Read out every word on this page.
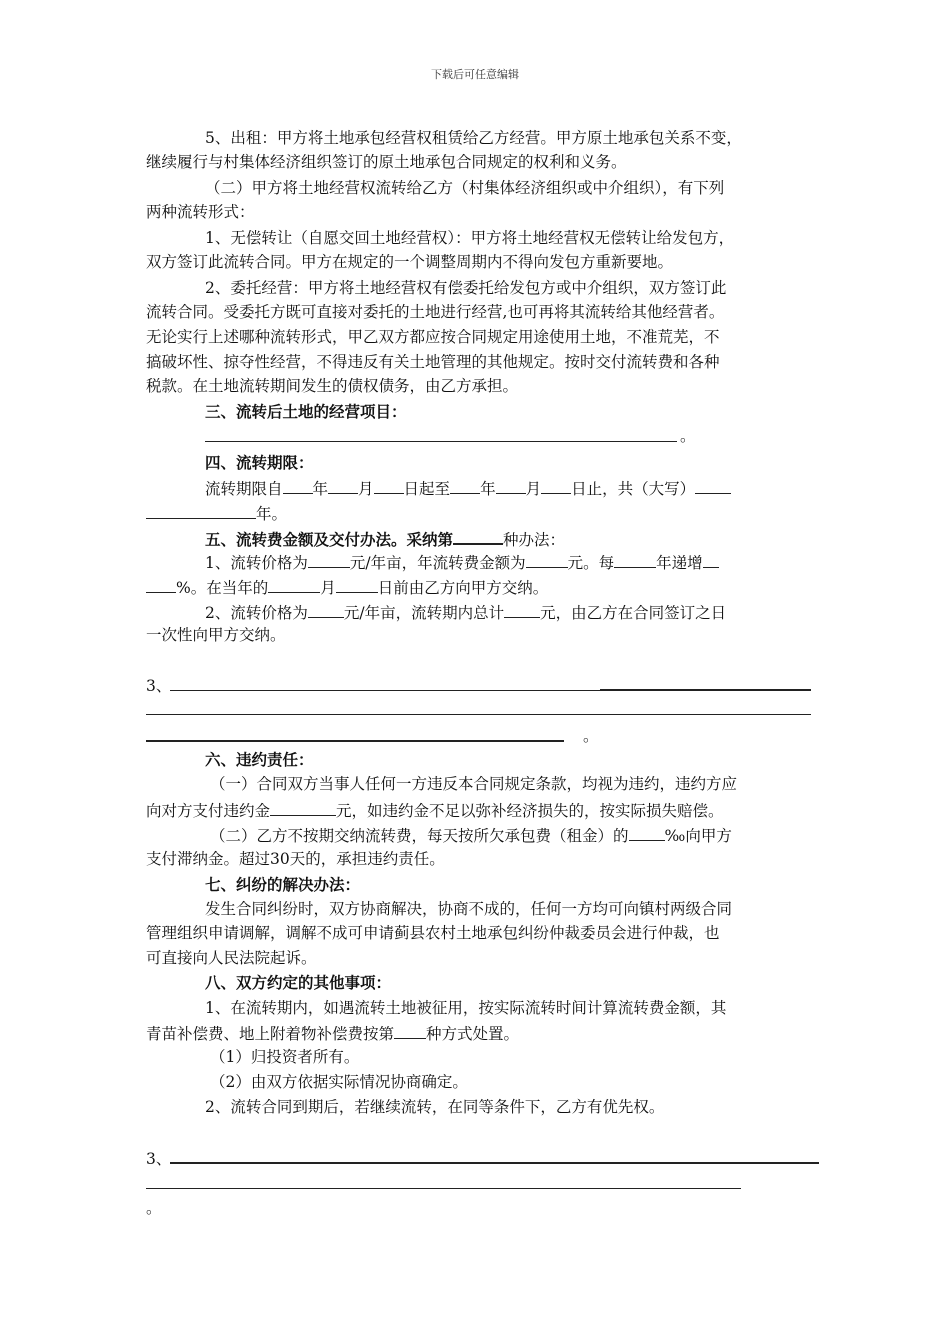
下载后可任意编辑
5、出租：甲方将土地承包经营权租赁给乙方经营。甲方原土地承包关系不变，
继续履行与村集体经济组织签订的原土地承包合同规定的权利和义务。
（二）甲方将土地经营权流转给乙方（村集体经济组织或中介组织），有下列
两种流转形式：
1、无偿转让（自愿交回土地经营权）：甲方将土地经营权无偿转让给发包方，
双方签订此流转合同。甲方在规定的一个调整周期内不得向发包方重新要地。
2、委托经营：甲方将土地经营权有偿委托给发包方或中介组织，双方签订此
流转合同。受委托方既可直接对委托的土地进行经营,也可再将其流转给其他经营者。
无论实行上述哪种流转形式，甲乙双方都应按合同规定用途使用土地，不准荒芜，不
搞破坏性、掠夺性经营，不得违反有关土地管理的其他规定。按时交付流转费和各种
税款。在土地流转期间发生的债权债务，由乙方承担。
三、流转后土地的经营项目：
。
四、流转期限：
流转期限自 年 月 日起至 年 月 日止，共（大写）
年。
五、流转费金额及交付办法。采纳第	种办法：
1、流转价格为	元/年亩，年流转费金额为	元。每	年递增
%。在当年的	月	日前由乙方向甲方交纳。
2、流转价格为 元/年亩，流转期内总计 元，由乙方在合同签订之日
一次性向甲方交纳。
3、
。
六、违约责任：
（一）合同双方当事人任何一方违反本合同规定条款，均视为违约，违约方应
向对方支付违约金	元，如违约金不足以弥补经济损失的，按实际损失赔偿。
（二）乙方不按期交纳流转费，每天按所欠承包费（租金）的 ‰向甲方
支付滞纳金。超过30天的，承担违约责任。
七、纠纷的解决办法：
发生合同纠纷时，双方协商解决，协商不成的，任何一方均可向镇村两级合同
管理组织申请调解，调解不成可申请蓟县农村土地承包纠纷仲裁委员会进行仲裁，也
可直接向人民法院起诉。
八、双方约定的其他事项：
1、在流转期内，如遇流转土地被征用，按实际流转时间计算流转费金额，其
青苗补偿费、地上附着物补偿费按第 种方式处置。
（1）归投资者所有。
（2）由双方依据实际情况协商确定。
2、流转合同到期后，若继续流转，在同等条件下，乙方有优先权。
3、
。
